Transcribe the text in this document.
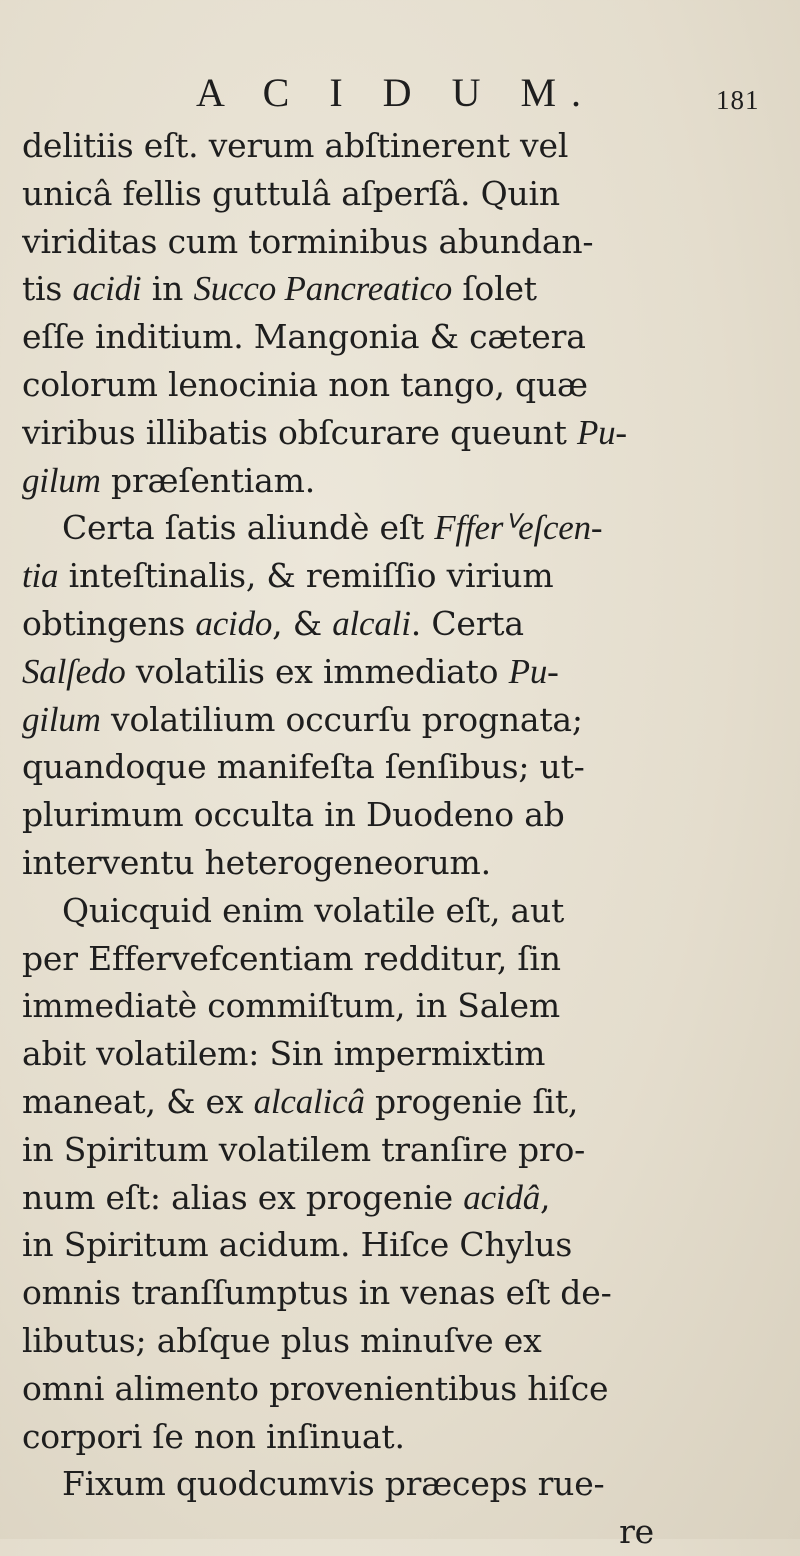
A C I D U M.	181
delitiis eſt. verum abſtinerent vel
unicâ fellis guttulâ aſperſâ. Quin
viriditas cum torminibus abundan-
tis acidi in Succo Pancreatico ſolet
eſſe inditium. Mangonia & cætera
colorum lenocinia non tango, quæ
viribus illibatis obſcurare queunt Pu-
gilum præſentiam.
Certa ſatis aliundè eſt Ffferⱽeſcen-
tia inteſtinalis, & remiſſio virium
obtingens acido, & alcali. Certa
Salſedo volatilis ex immediato Pu-
gilum volatilium occurſu prognata;
quandoque manifeſta ſenſibus; ut-
plurimum occulta in Duodeno ab
interventu heterogeneorum.
Quicquid enim volatile eſt, aut
per Effervefcentiam redditur, ſin
immediatè commiſtum, in Salem
abit volatilem: Sin impermixtim
maneat, & ex alcalicâ progenie ſit,
in Spiritum volatilem tranſire pro-
num eſt: alias ex progenie acidâ,
in Spiritum acidum. Hiſce Chylus
omnis tranſſumptus in venas eſt de-
libutus; abſque plus minuſve ex
omni alimento provenientibus hiſce
corpori ſe non inſinuat.
Fixum quodcumvis præceps rue-
re
